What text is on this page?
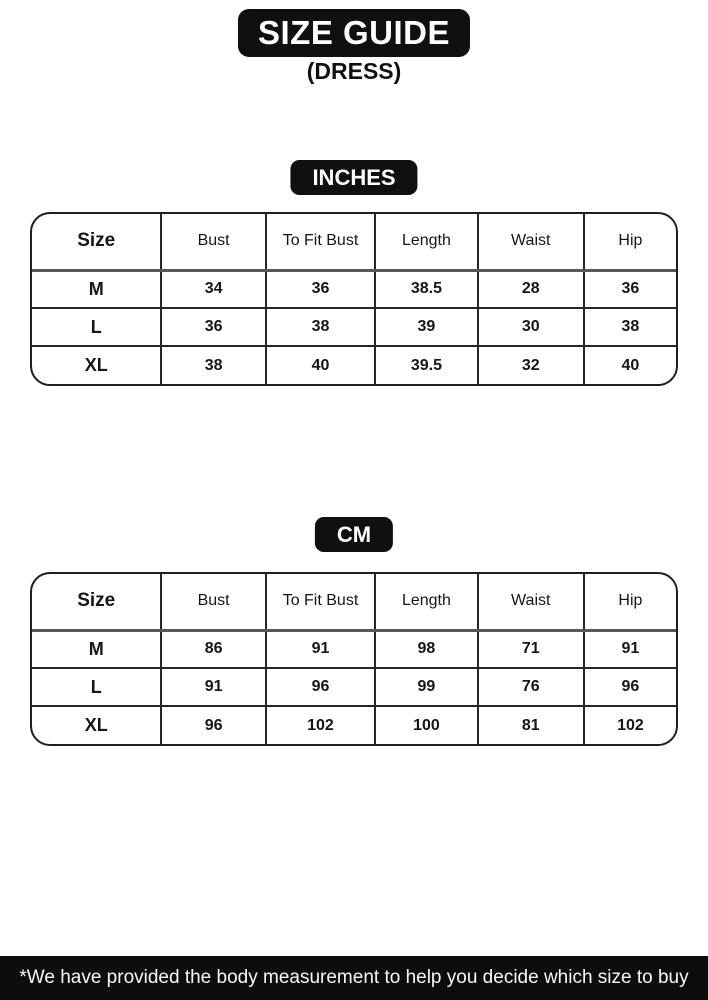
SIZE GUIDE
(DRESS)
INCHES
Size	Bust	To Fit Bust	Length	Waist	Hip
M	34	36	38.5	28	36
L	36	38	39	30	38
XL	38	40	39.5	32	40
CM
Size	Bust	To Fit Bust	Length	Waist	Hip
M	86	91	98	71	91
L	91	96	99	76	96
XL	96	102	100	81	102
*We have provided the body measurement to help you decide which size to buy
